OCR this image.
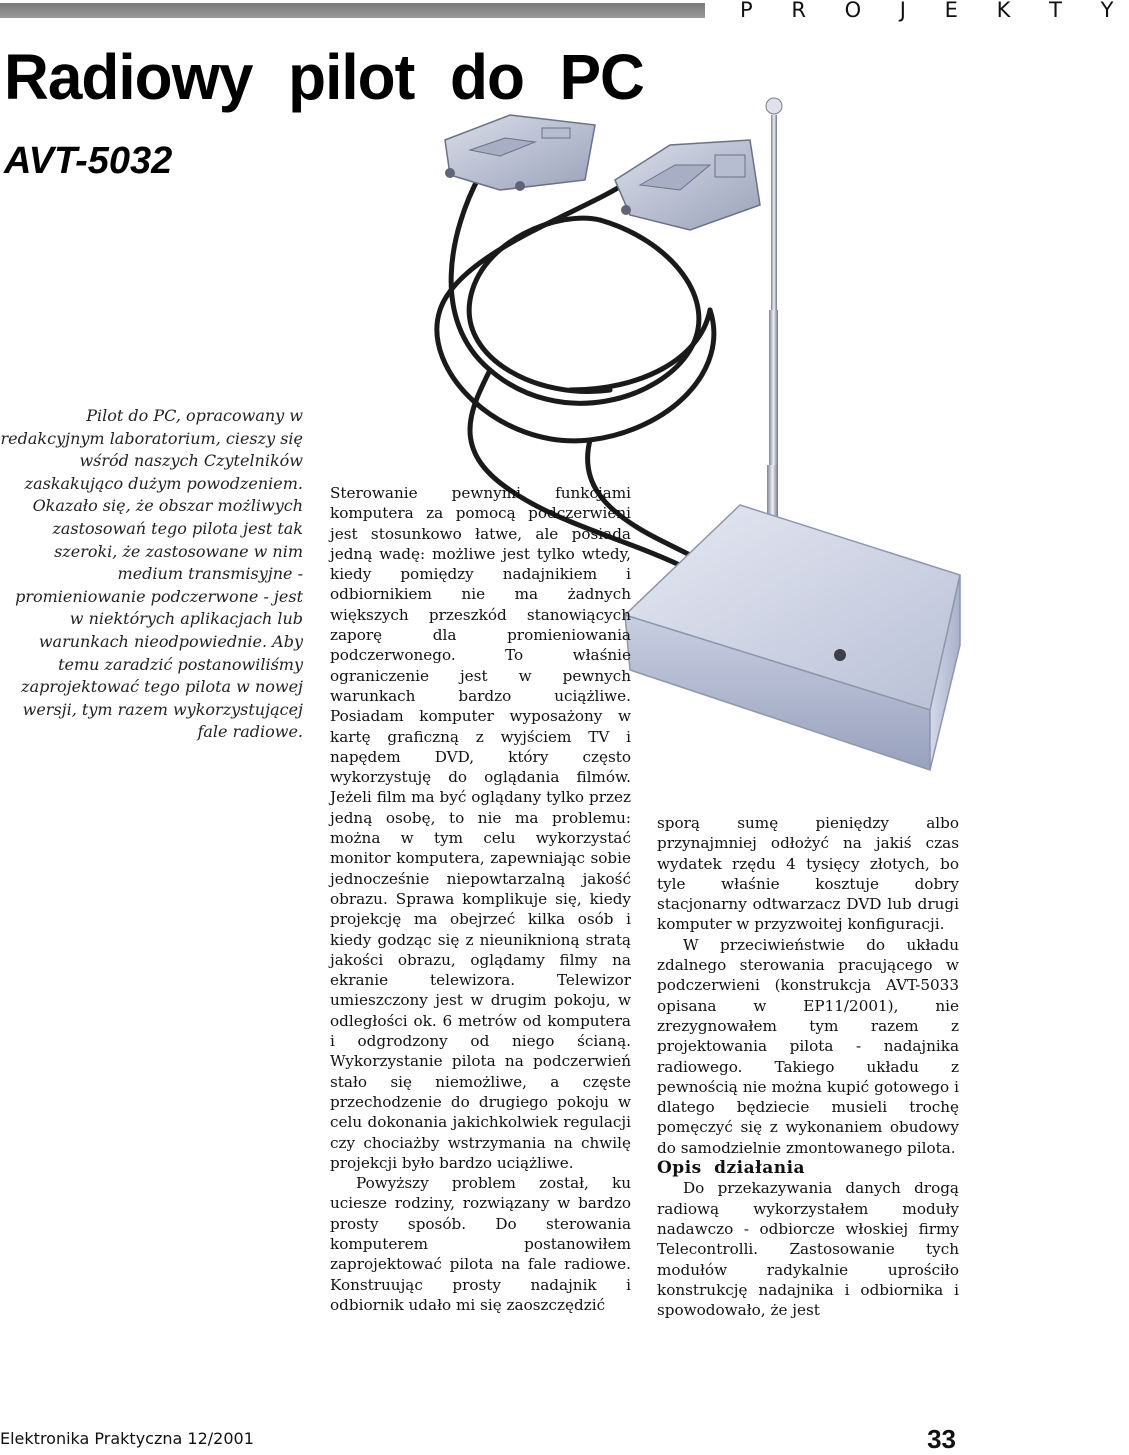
P R O J E K T Y
Radiowy pilot do PC
AVT-5032
Pilot do PC, opracowany w redakcyjnym laboratorium, cieszy się wśród naszych Czytelników zaskakująco dużym powodzeniem. Okazało się, że obszar możliwych zastosowań tego pilota jest tak szeroki, że zastosowane w nim medium transmisyjne - promieniowanie podczerwone - jest w niektórych aplikacjach lub warunkach nieodpowiednie. Aby temu zaradzić postanowiliśmy zaprojektować tego pilota w nowej wersji, tym razem wykorzystującej fale radiowe.

Sterowanie pewnymi funkcjami komputera za pomocą podczerwieni jest stosunkowo łatwe, ale posiada jedną wadę: możliwe jest tylko wtedy, kiedy pomiędzy nadajnikiem i odbiornikiem nie ma żadnych większych przeszkód stanowiących zaporę dla promieniowania podczerwonego. To właśnie ograniczenie jest w pewnych warunkach bardzo uciążliwe. Posiadam komputer wyposażony w kartę graficzną z wyjściem TV i napędem DVD, który często wykorzystuję do oglądania filmów. Jeżeli film ma być oglądany tylko przez jedną osobę, to nie ma problemu: można w tym celu wykorzystać monitor komputera, zapewniając sobie jednocześnie niepowtarzalną jakość obrazu. Sprawa komplikuje się, kiedy projekcję ma obejrzeć kilka osób i kiedy godząc się z nieuniknioną stratą jakości obrazu, oglądamy filmy na ekranie telewizora. Telewizor umieszczony jest w drugim pokoju, w odległości ok. 6 metrów od komputera i odgrodzony od niego ścianą. Wykorzystanie pilota na podczerwień stało się niemożliwe, a częste przechodzenie do drugiego pokoju w celu dokonania jakichkolwiek regulacji czy chociażby wstrzymania na chwilę projekcji było bardzo uciążliwe.

Powyższy problem został, ku uciesze rodziny, rozwiązany w bardzo prosty sposób. Do sterowania komputerem postanowiłem zaprojektować pilota na fale radiowe. Konstruując prosty nadajnik i odbiornik udało mi się zaoszczędzić

sporą sumę pieniędzy albo przynajmniej odłożyć na jakiś czas wydatek rzędu 4 tysięcy złotych, bo tyle właśnie kosztuje dobry stacjonarny odtwarzacz DVD lub drugi komputer w przyzwoitej konfiguracji.

W przeciwieństwie do układu zdalnego sterowania pracującego w podczerwieni (konstrukcja AVT-5033 opisana w EP11/2001), nie zrezygnowałem tym razem z projektowania pilota - nadajnika radiowego. Takiego układu z pewnością nie można kupić gotowego i dlatego będziecie musieli trochę pomęczyć się z wykonaniem obudowy do samodzielnie zmontowanego pilota.

Opis działania

Do przekazywania danych drogą radiową wykorzystałem moduły nadawczo - odbiorcze włoskiej firmy Telecontrolli. Zastosowanie tych modułów radykalnie uprościło konstrukcję nadajnika i odbiornika i spowodowało, że jest

Elektronika Praktyczna 12/2001	33
